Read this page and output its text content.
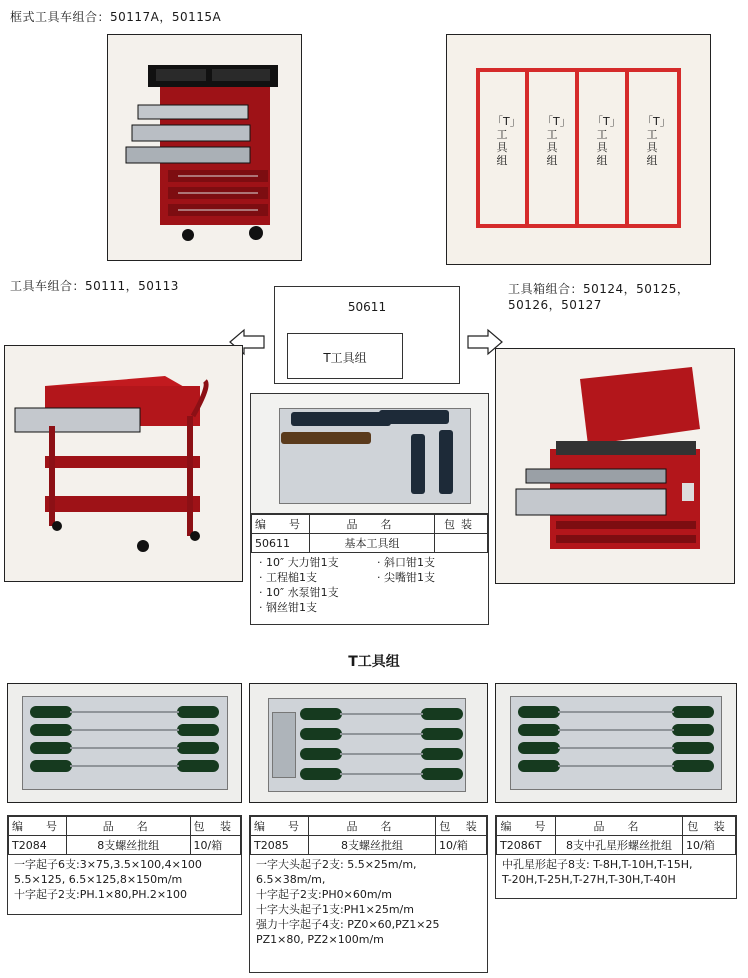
框式工具车组合：50117A，50115A
工具车组合：50111，50113	工具箱组合：50124，50125，
50126，50127
「T」工具组
「T」工具组
「T」工具组
「T」工具组
50611
T工具组
编　号	品　名	包装
50611	基本工具组	
· 10″ 大力钳1支	· 斜口钳1支
· 工程槌1支	· 尖嘴钳1支
· 10″ 水泵钳1支
· 钢丝钳1支
T工具组
编　号	品　名	包 装
T2084	8支螺丝批组	10/箱
一字起子6支:3×75,3.5×100,4×100
5.5×125, 6.5×125,8×150m/m
十字起子2支:PH.1×80,PH.2×100
编　号	品　名	包 装
T2085	8支螺丝批组	10/箱
一字大头起子2支: 5.5×25m/m,
6.5×38m/m,
十字起子2支:PH0×60m/m
十字大头起子1支:PH1×25m/m
强力十字起子4支: PZ0×60,PZ1×25
PZ1×80, PZ2×100m/m
编　号	品　名	包 装
T2086T	8支中孔星形螺丝批组	10/箱
中孔星形起子8支: T-8H,T-10H,T-15H,
T-20H,T-25H,T-27H,T-30H,T-40H
